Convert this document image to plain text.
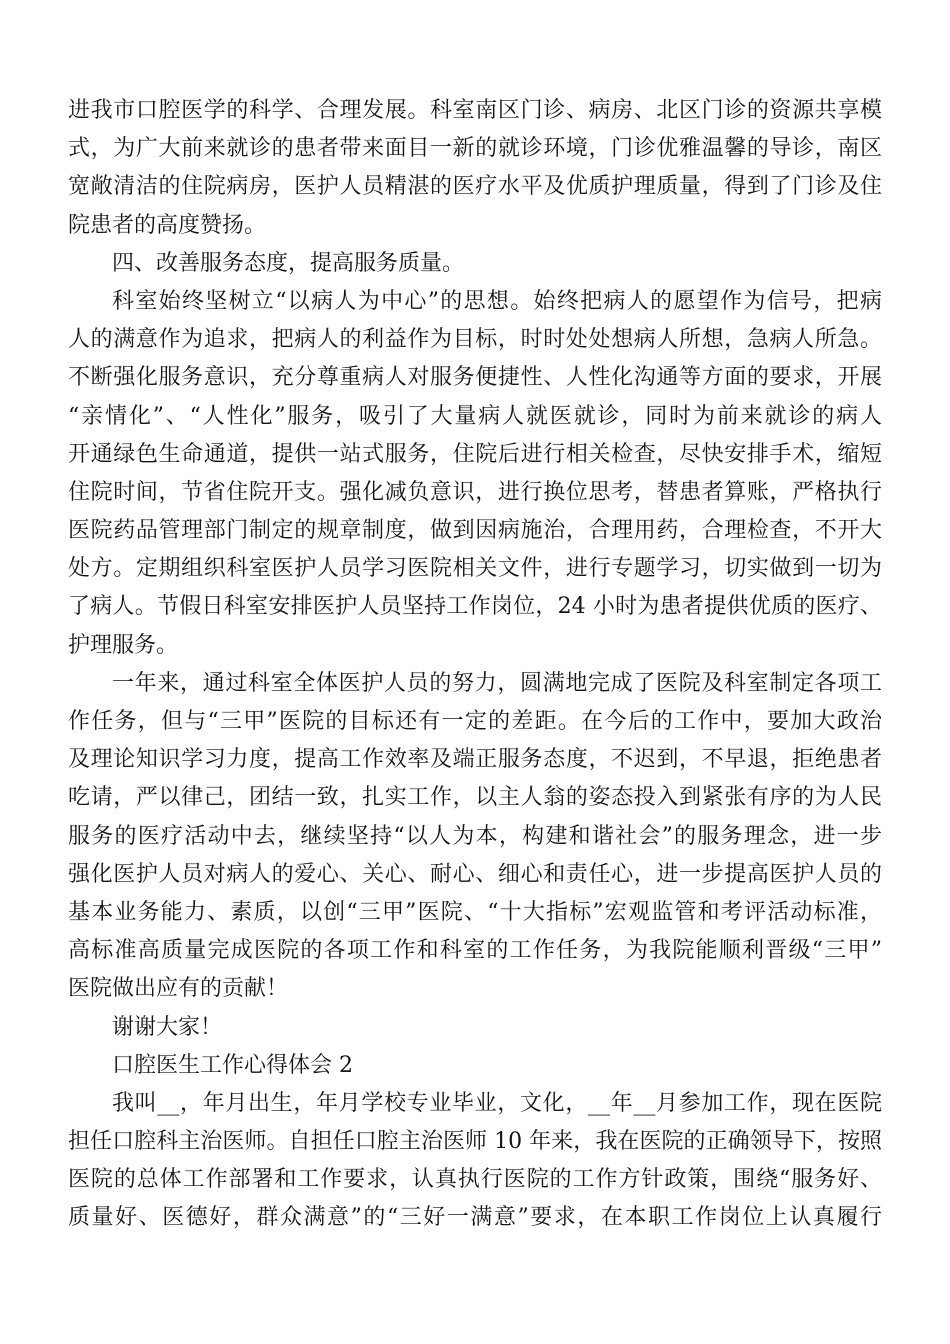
进我市口腔医学的科学、合理发展。科室南区门诊、病房、北区门诊的资源共享模
式，为广大前来就诊的患者带来面目一新的就诊环境，门诊优雅温馨的导诊，南区
宽敞清洁的住院病房，医护人员精湛的医疗水平及优质护理质量，得到了门诊及住
院患者的高度赞扬。
四、改善服务态度，提高服务质量。
科室始终坚树立“以病人为中心”的思想。始终把病人的愿望作为信号，把病
人的满意作为追求，把病人的利益作为目标，时时处处想病人所想，急病人所急。
不断强化服务意识，充分尊重病人对服务便捷性、人性化沟通等方面的要求，开展
“亲情化”、“人性化”服务，吸引了大量病人就医就诊，同时为前来就诊的病人
开通绿色生命通道，提供一站式服务，住院后进行相关检查，尽快安排手术，缩短
住院时间，节省住院开支。强化减负意识，进行换位思考，替患者算账，严格执行
医院药品管理部门制定的规章制度，做到因病施治，合理用药，合理检查，不开大
处方。定期组织科室医护人员学习医院相关文件，进行专题学习，切实做到一切为
了病人。节假日科室安排医护人员坚持工作岗位，24 小时为患者提供优质的医疗、
护理服务。
一年来，通过科室全体医护人员的努力，圆满地完成了医院及科室制定各项工
作任务，但与“三甲”医院的目标还有一定的差距。在今后的工作中，要加大政治
及理论知识学习力度，提高工作效率及端正服务态度，不迟到，不早退，拒绝患者
吃请，严以律己，团结一致，扎实工作，以主人翁的姿态投入到紧张有序的为人民
服务的医疗活动中去，继续坚持“以人为本，构建和谐社会”的服务理念，进一步
强化医护人员对病人的爱心、关心、耐心、细心和责任心，进一步提高医护人员的
基本业务能力、素质，以创“三甲”医院、“十大指标”宏观监管和考评活动标准，
高标准高质量完成医院的各项工作和科室的工作任务，为我院能顺利晋级“三甲”
医院做出应有的贡献！
谢谢大家！
口腔医生工作心得体会 2
我叫__，年月出生，年月学校专业毕业，文化，__年__月参加工作，现在医院
担任口腔科主治医师。自担任口腔主治医师 10 年来，我在医院的正确领导下，按照
医院的总体工作部署和工作要求，认真执行医院的工作方针政策，围绕“服务好、
质量好、医德好，群众满意”的“三好一满意”要求，在本职工作岗位上认真履行
